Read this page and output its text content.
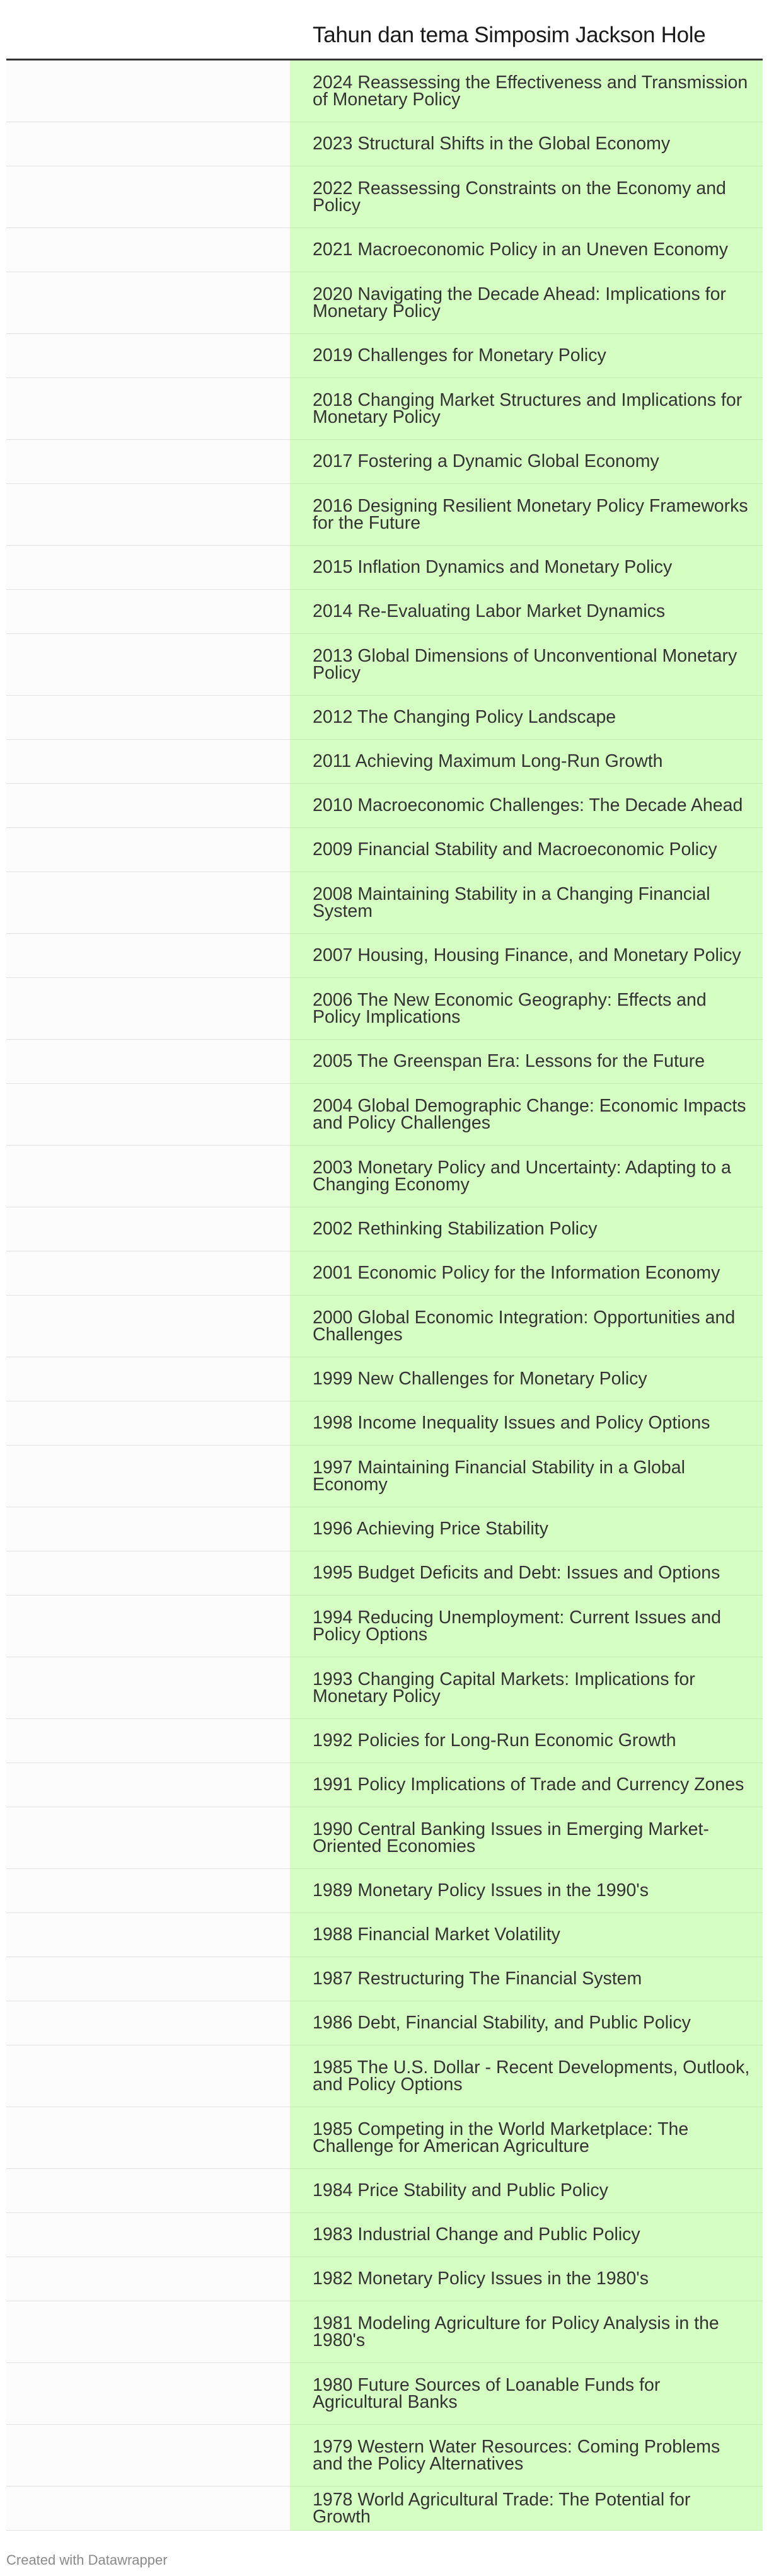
Tahun dan tema Simposim Jackson Hole
2024 Reassessing the Effectiveness and Transmission of Monetary Policy
2023 Structural Shifts in the Global Economy
2022 Reassessing Constraints on the Economy and Policy
2021 Macroeconomic Policy in an Uneven Economy
2020 Navigating the Decade Ahead: Implications for Monetary Policy
2019 Challenges for Monetary Policy
2018 Changing Market Structures and Implications for Monetary Policy
2017 Fostering a Dynamic Global Economy
2016 Designing Resilient Monetary Policy Frameworks for the Future
2015 Inflation Dynamics and Monetary Policy
2014 Re-Evaluating Labor Market Dynamics
2013 Global Dimensions of Unconventional Monetary Policy
2012 The Changing Policy Landscape
2011 Achieving Maximum Long-Run Growth
2010 Macroeconomic Challenges: The Decade Ahead
2009 Financial Stability and Macroeconomic Policy
2008 Maintaining Stability in a Changing Financial System
2007 Housing, Housing Finance, and Monetary Policy
2006 The New Economic Geography: Effects and Policy Implications
2005 The Greenspan Era: Lessons for the Future
2004 Global Demographic Change: Economic Impacts and Policy Challenges
2003 Monetary Policy and Uncertainty: Adapting to a Changing Economy
2002 Rethinking Stabilization Policy
2001 Economic Policy for the Information Economy
2000 Global Economic Integration: Opportunities and Challenges
1999 New Challenges for Monetary Policy
1998 Income Inequality Issues and Policy Options
1997 Maintaining Financial Stability in a Global Economy
1996 Achieving Price Stability
1995 Budget Deficits and Debt: Issues and Options
1994 Reducing Unemployment: Current Issues and Policy Options
1993 Changing Capital Markets: Implications for Monetary Policy
1992 Policies for Long-Run Economic Growth
1991 Policy Implications of Trade and Currency Zones
1990 Central Banking Issues in Emerging Market-Oriented Economies
1989 Monetary Policy Issues in the 1990's
1988 Financial Market Volatility
1987 Restructuring The Financial System
1986 Debt, Financial Stability, and Public Policy
1985 The U.S. Dollar - Recent Developments, Outlook, and Policy Options
1985 Competing in the World Marketplace: The Challenge for American Agriculture
1984 Price Stability and Public Policy
1983 Industrial Change and Public Policy
1982 Monetary Policy Issues in the 1980's
1981 Modeling Agriculture for Policy Analysis in the 1980's
1980 Future Sources of Loanable Funds for Agricultural Banks
1979 Western Water Resources: Coming Problems and the Policy Alternatives
1978 World Agricultural Trade: The Potential for Growth
Created with Datawrapper
